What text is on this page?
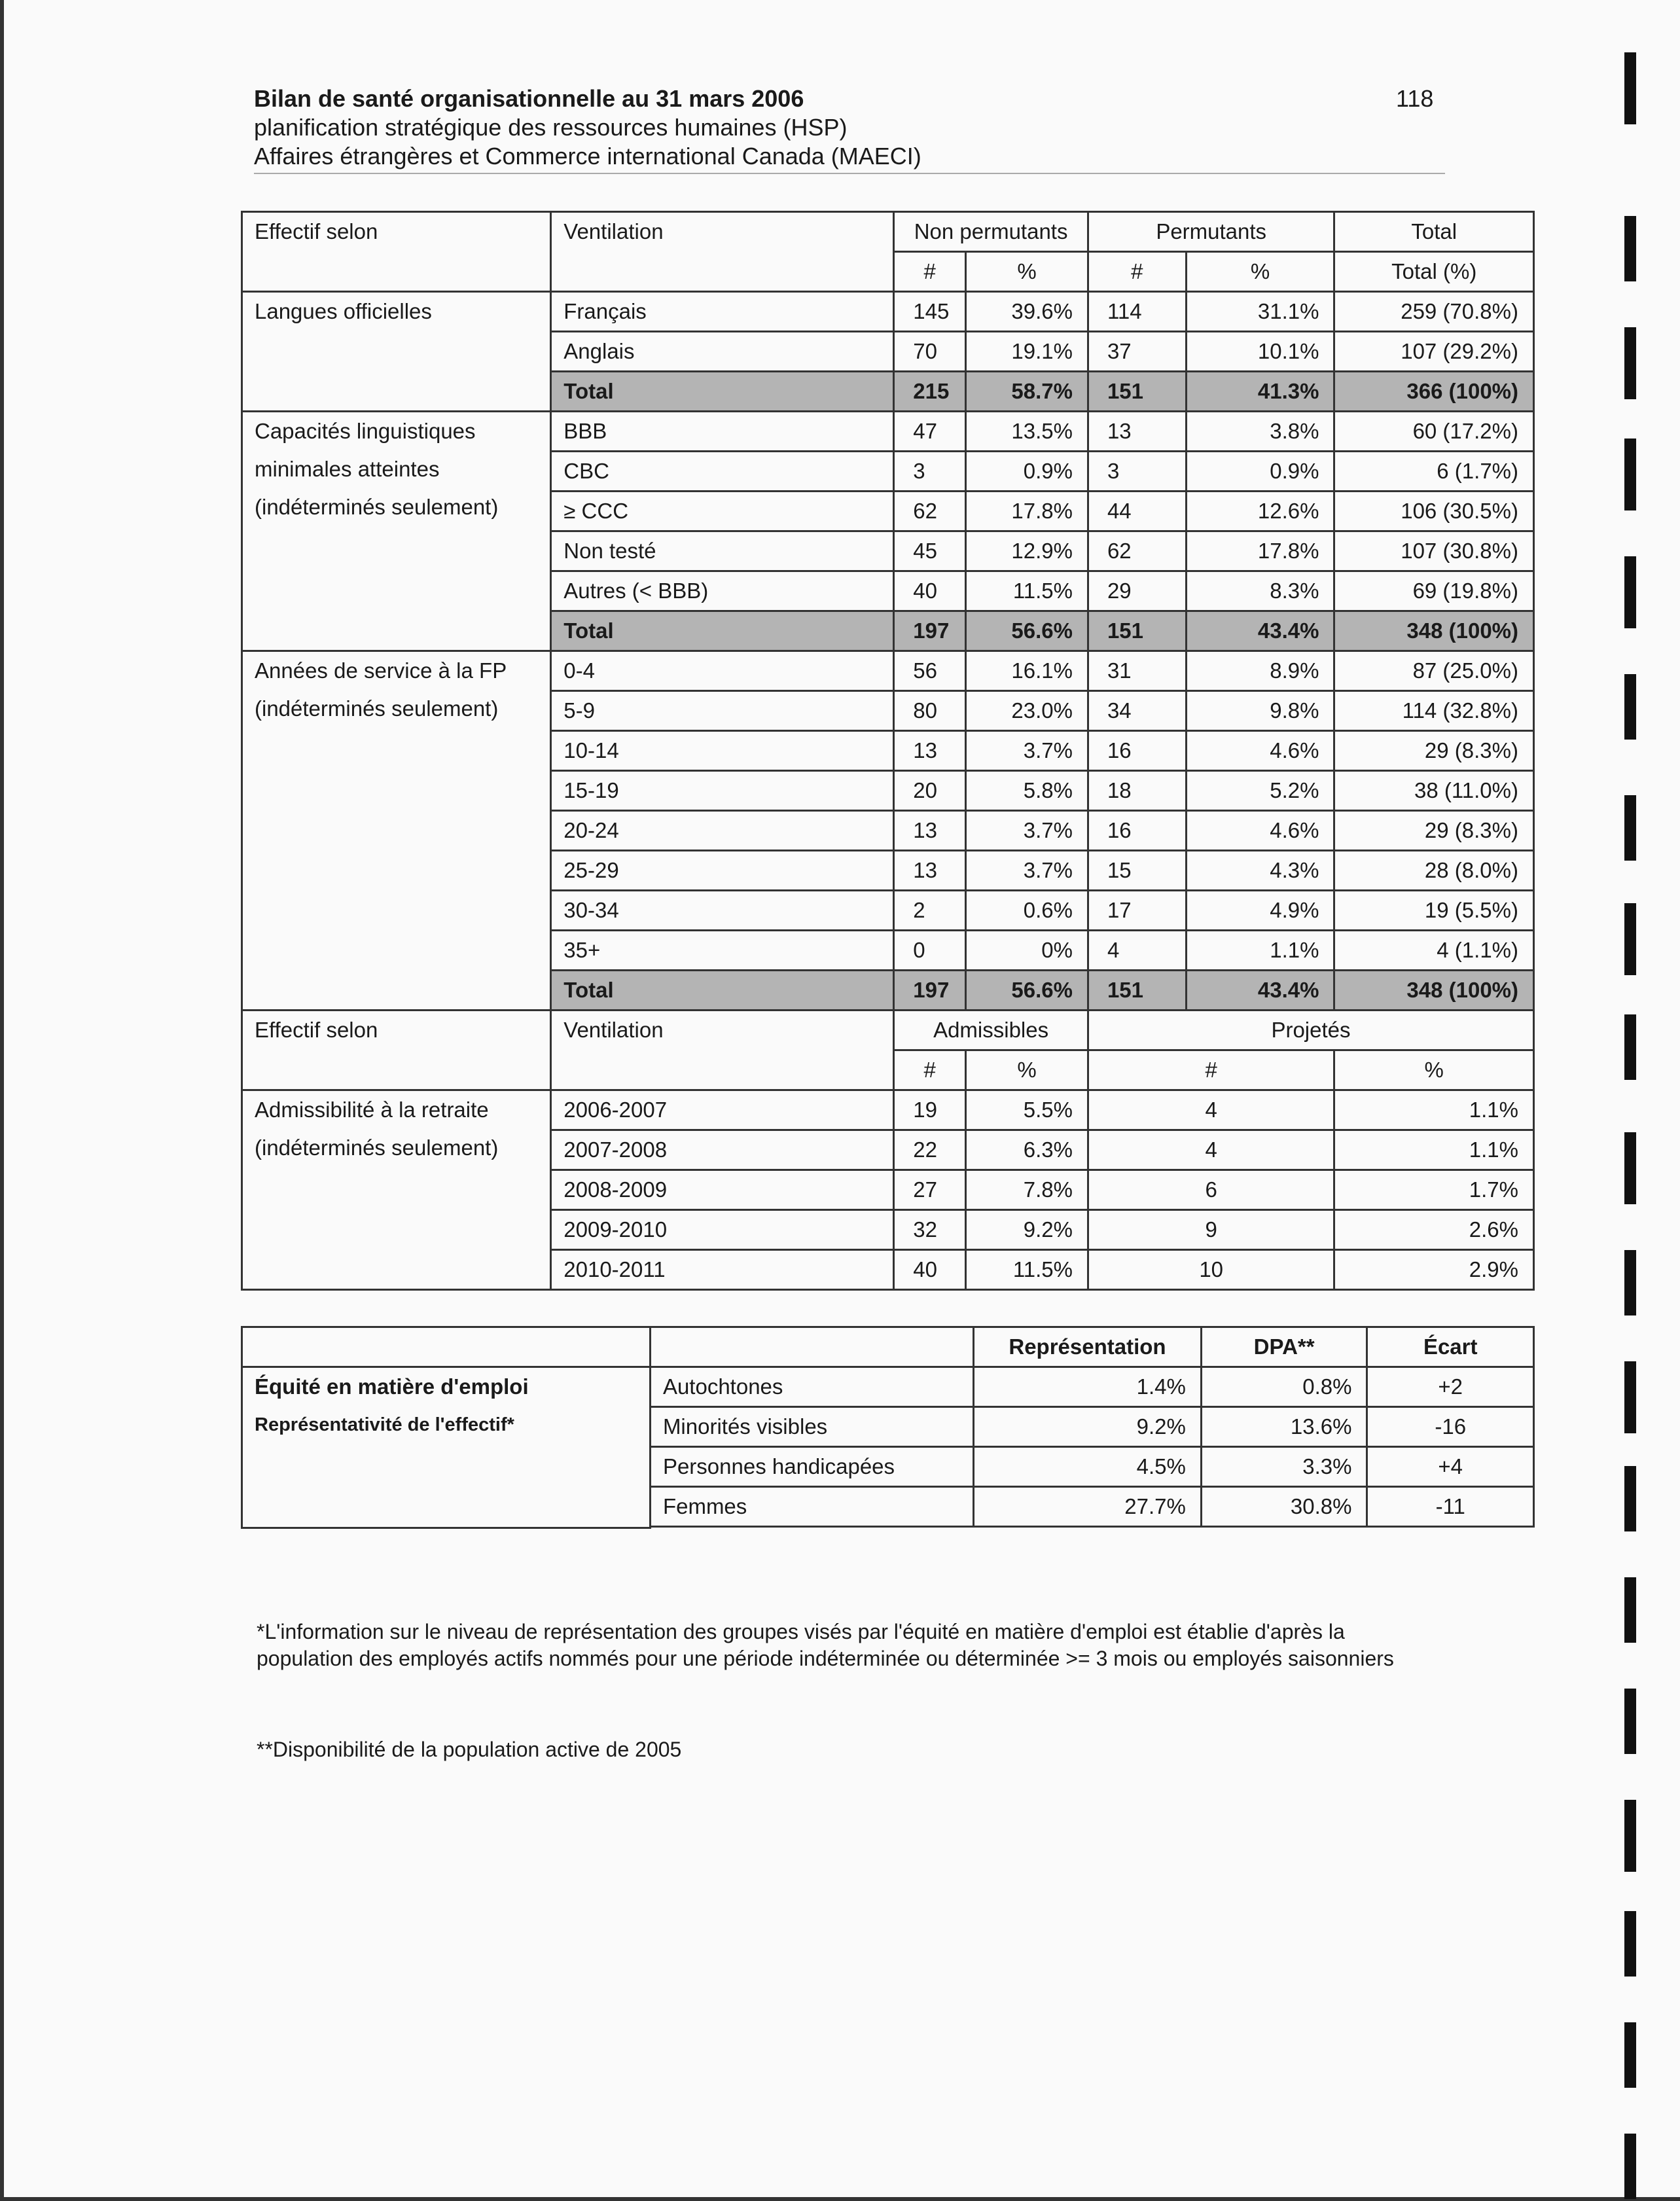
Bilan de santé organisationnelle au 31 mars 2006
planification stratégique des ressources humaines (HSP)
Affaires étrangères et Commerce international Canada (MAECI)
118
Effectif selon	Ventilation	Non permutants		Permutants		Total
		#	%	#	%	Total (%)

Langues officielles	Français	145	39.6%	114	31.1%	259 (70.8%)
	Anglais	70	19.1%	37	10.1%	107 (29.2%)
	Total	215	58.7%	151	41.3%	366 (100%)

Capacités linguistiques
minimales atteintes
(indéterminés seulement)	BBB	47	13.5%	13	3.8%	60 (17.2%)
	CBC	3	0.9%	3	0.9%	6 (1.7%)
	≥ CCC	62	17.8%	44	12.6%	106 (30.5%)
	Non testé	45	12.9%	62	17.8%	107 (30.8%)
	Autres (< BBB)	40	11.5%	29	8.3%	69 (19.8%)
	Total	197	56.6%	151	43.4%	348 (100%)

Années de service à la FP
(indéterminés seulement)	0-4	56	16.1%	31	8.9%	87 (25.0%)
	5-9	80	23.0%	34	9.8%	114 (32.8%)
	10-14	13	3.7%	16	4.6%	29 (8.3%)
	15-19	20	5.8%	18	5.2%	38 (11.0%)
	20-24	13	3.7%	16	4.6%	29 (8.3%)
	25-29	13	3.7%	15	4.3%	28 (8.0%)
	30-34	2	0.6%	17	4.9%	19 (5.5%)
	35+	0	0%	4	1.1%	4 (1.1%)
	Total	197	56.6%	151	43.4%	348 (100%)
Effectif selon	Ventilation	Admissibles		Projetés		
		#	%	#		%

Admissibilité à la retraite
(indéterminés seulement)	2006-2007	19	5.5%	4		1.1%
	2007-2008	22	6.3%	4		1.1%
	2008-2009	27	7.8%	6		1.7%
	2009-2010	32	9.2%	9		2.6%
	2010-2011	40	11.5%	10		2.9%
		Représentation	DPA**	Écart

Équité en matière d'emploi
Représentativité de l'effectif*	Autochtones	1.4%	0.8%	+2
	Minorités visibles	9.2%	13.6%	-16
	Personnes handicapées	4.5%	3.3%	+4
	Femmes	27.7%	30.8%	-11

*L'information sur le niveau de représentation des groupes visés par l'équité en matière d'emploi est établie d'après la population des employés actifs nommés pour une période indéterminée ou déterminée >= 3 mois ou employés saisonniers
**Disponibilité de la population active de 2005
